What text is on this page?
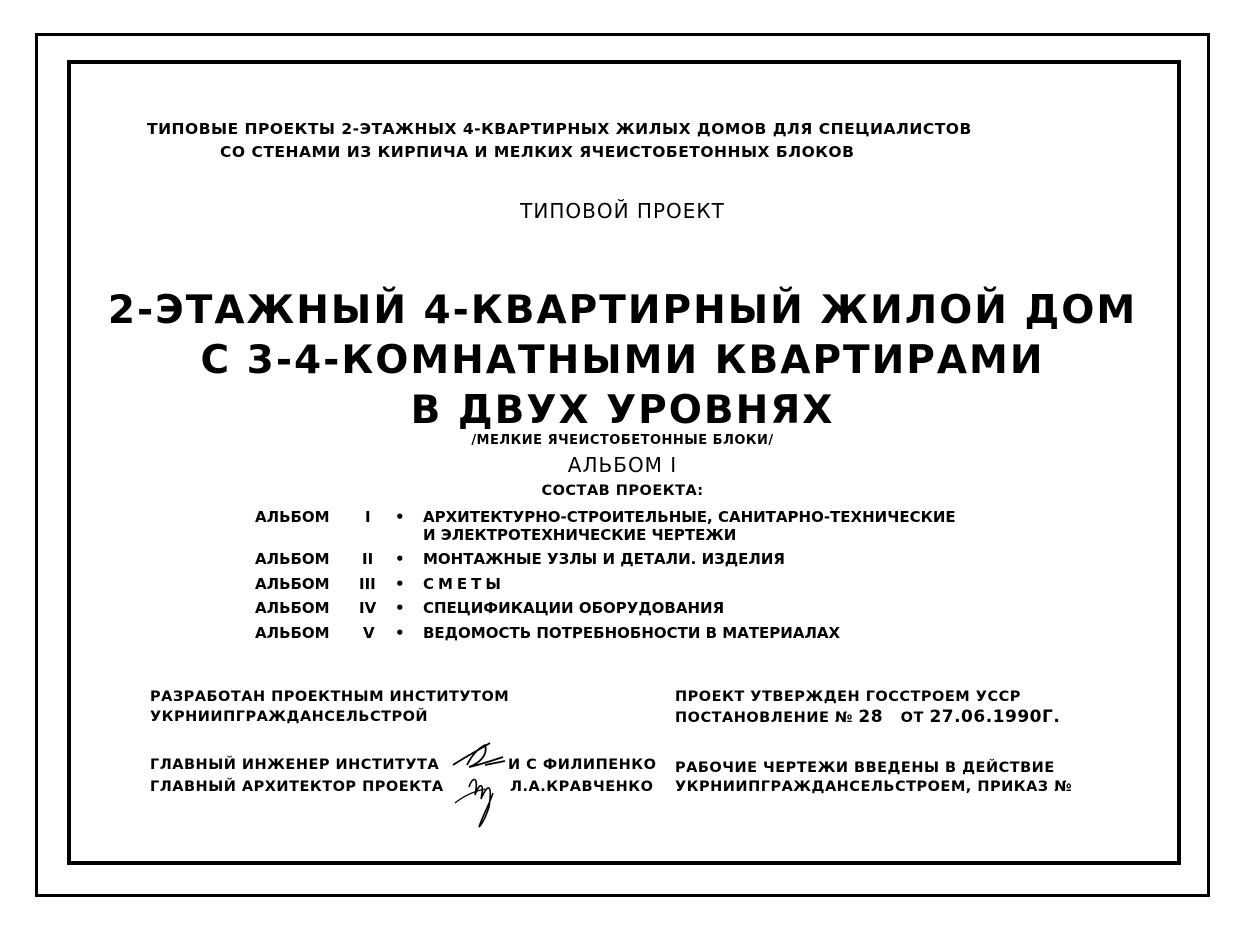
ТИПОВЫЕ ПРОЕКТЫ 2-ЭТАЖНЫХ 4-КВАРТИРНЫХ ЖИЛЫХ ДОМОВ ДЛЯ СПЕЦИАЛИСТОВ
СО СТЕНАМИ ИЗ КИРПИЧА И МЕЛКИХ ЯЧЕИСТОБЕТОННЫХ БЛОКОВ
ТИПОВОЙ ПРОЕКТ
2-ЭТАЖНЫЙ 4-КВАРТИРНЫЙ ЖИЛОЙ ДОМ
С 3-4-КОМНАТНЫМИ КВАРТИРАМИ
В ДВУХ УРОВНЯХ
/МЕЛКИЕ ЯЧЕИСТОБЕТОННЫЕ БЛОКИ/
АЛЬБОМ I
СОСТАВ ПРОЕКТА:
АЛЬБОМ I • АРХИТЕКТУРНО-СТРОИТЕЛЬНЫЕ, САНИТАРНО-ТЕХНИЧЕСКИЕ
И ЭЛЕКТРОТЕХНИЧЕСКИЕ ЧЕРТЕЖИ
АЛЬБОМ II • МОНТАЖНЫЕ УЗЛЫ И ДЕТАЛИ. ИЗДЕЛИЯ
АЛЬБОМ III • СМЕТЫ
АЛЬБОМ IV • СПЕЦИФИКАЦИИ ОБОРУДОВАНИЯ
АЛЬБОМ V • ВЕДОМОСТЬ ПОТРЕБНОБНОСТИ В МАТЕРИАЛАХ
РАЗРАБОТАН ПРОЕКТНЫМ ИНСТИТУТОМ
УКРНИИПГРАЖДАНСЕЛЬСТРОЙ
ПРОЕКТ УТВЕРЖДЕН ГОССТРОЕМ УССР
ПОСТАНОВЛЕНИЕ № 28 ОТ 27.06.1990Г.
ГЛАВНЫЙ ИНЖЕНЕР ИНСТИТУТА	И С ФИЛИПЕНКО
ГЛАВНЫЙ АРХИТЕКТОР ПРОЕКТА	Л.А.КРАВЧЕНКО
РАБОЧИЕ ЧЕРТЕЖИ ВВЕДЕНЫ В ДЕЙСТВИЕ
УКРНИИПГРАЖДАНСЕЛЬСТРОЕМ, ПРИКАЗ №
